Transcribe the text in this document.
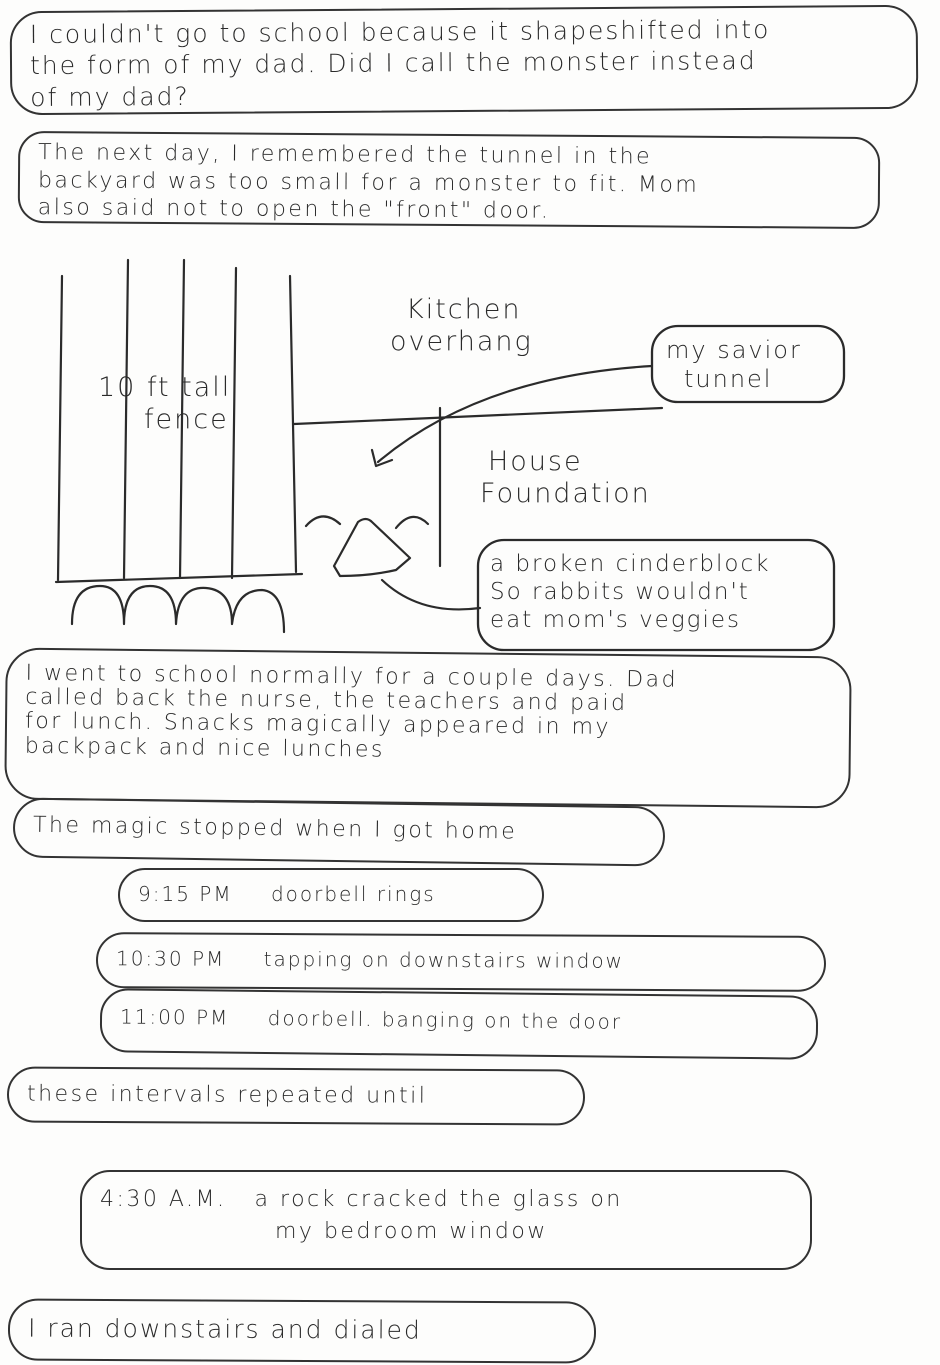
I couldn't go to school because it shapeshifted into
the form of my dad. Did I call the monster instead
of my dad?
The next day, I remembered the tunnel in the
backyard was too small for a monster to fit. Mom
also said not to open the "front" door.
10 ft tall
fence
Kitchen
overhang	my savior
tunnel
House
Foundation
a broken cinderblock
So rabbits wouldn't
eat mom's veggies
I went to school normally for a couple days. Dad
called back the nurse, the teachers and paid
for lunch. Snacks magically appeared in my
backpack and nice lunches
The magic stopped when I got home
9:15 PM doorbell rings
10:30 PM tapping on downstairs window
11:00 PM doorbell. banging on the door
these intervals repeated until
4:30 A.M. a rock cracked the glass on
my bedroom window
I ran downstairs and dialed
